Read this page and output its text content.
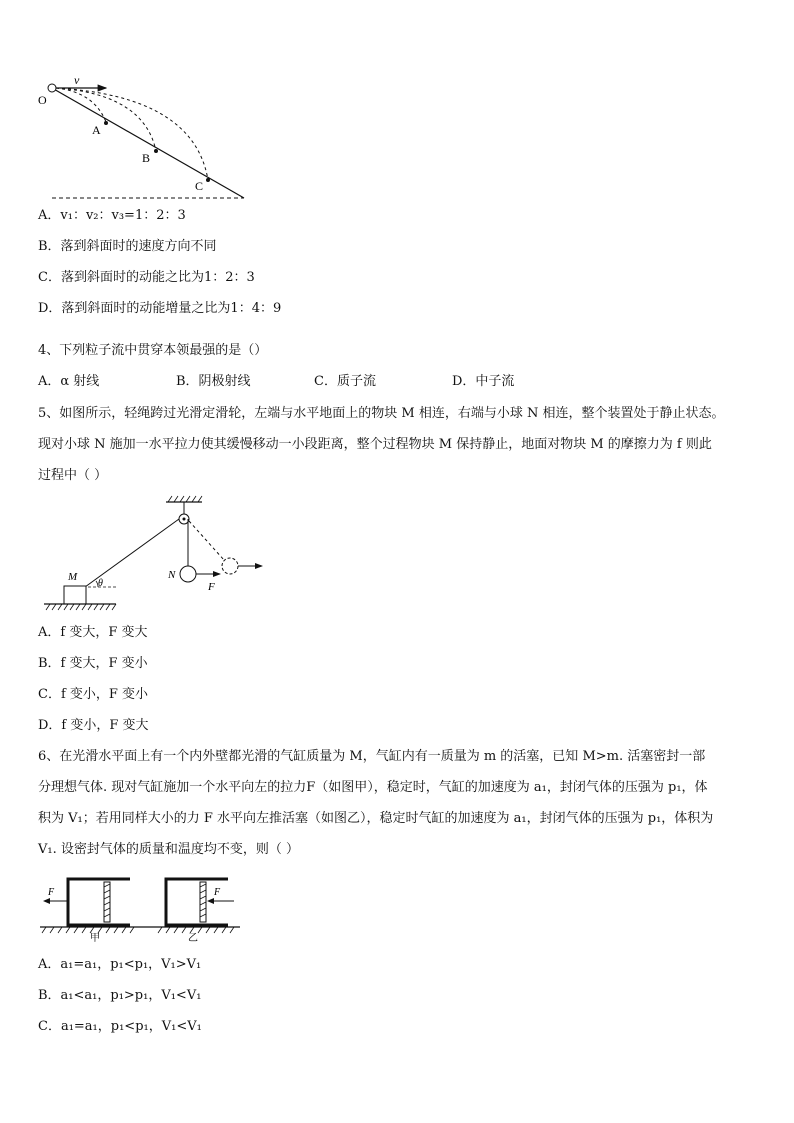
v
O
A
B
C
A．v₁：v₂：v₃=1：2：3
B．落到斜面时的速度方向不同
C．落到斜面时的动能之比为1：2：3
D．落到斜面时的动能增量之比为1：4：9
4、下列粒子流中贯穿本领最强的是（）
A．α 射线	B．阴极射线	C．质子流	D．中子流
5、如图所示，轻绳跨过光滑定滑轮，左端与水平地面上的物块 M 相连，右端与小球 N 相连，整个装置处于静止状态。
现对小球 N 施加一水平拉力使其缓慢移动一小段距离，整个过程物块 M 保持静止，地面对物块 M 的摩擦力为 f 则此
过程中（ ）
M
θ
N
F
A．f 变大，F 变大
B．f 变大，F 变小
C．f 变小，F 变小
D．f 变小，F 变大
6、在光滑水平面上有一个内外壁都光滑的气缸质量为 M，气缸内有一质量为 m 的活塞，已知 M>m. 活塞密封一部
分理想气体. 现对气缸施加一个水平向左的拉力F（如图甲），稳定时，气缸的加速度为 a₁，封闭气体的压强为 p₁，体
积为 V₁；若用同样大小的力 F 水平向左推活塞（如图乙），稳定时气缸的加速度为 a₁，封闭气体的压强为 p₁，体积为
V₁. 设密封气体的质量和温度均不变，则（ ）
F	F
甲	乙
A．a₁=a₁，p₁<p₁，V₁>V₁
B．a₁<a₁，p₁>p₁，V₁<V₁
C．a₁=a₁，p₁<p₁，V₁<V₁
